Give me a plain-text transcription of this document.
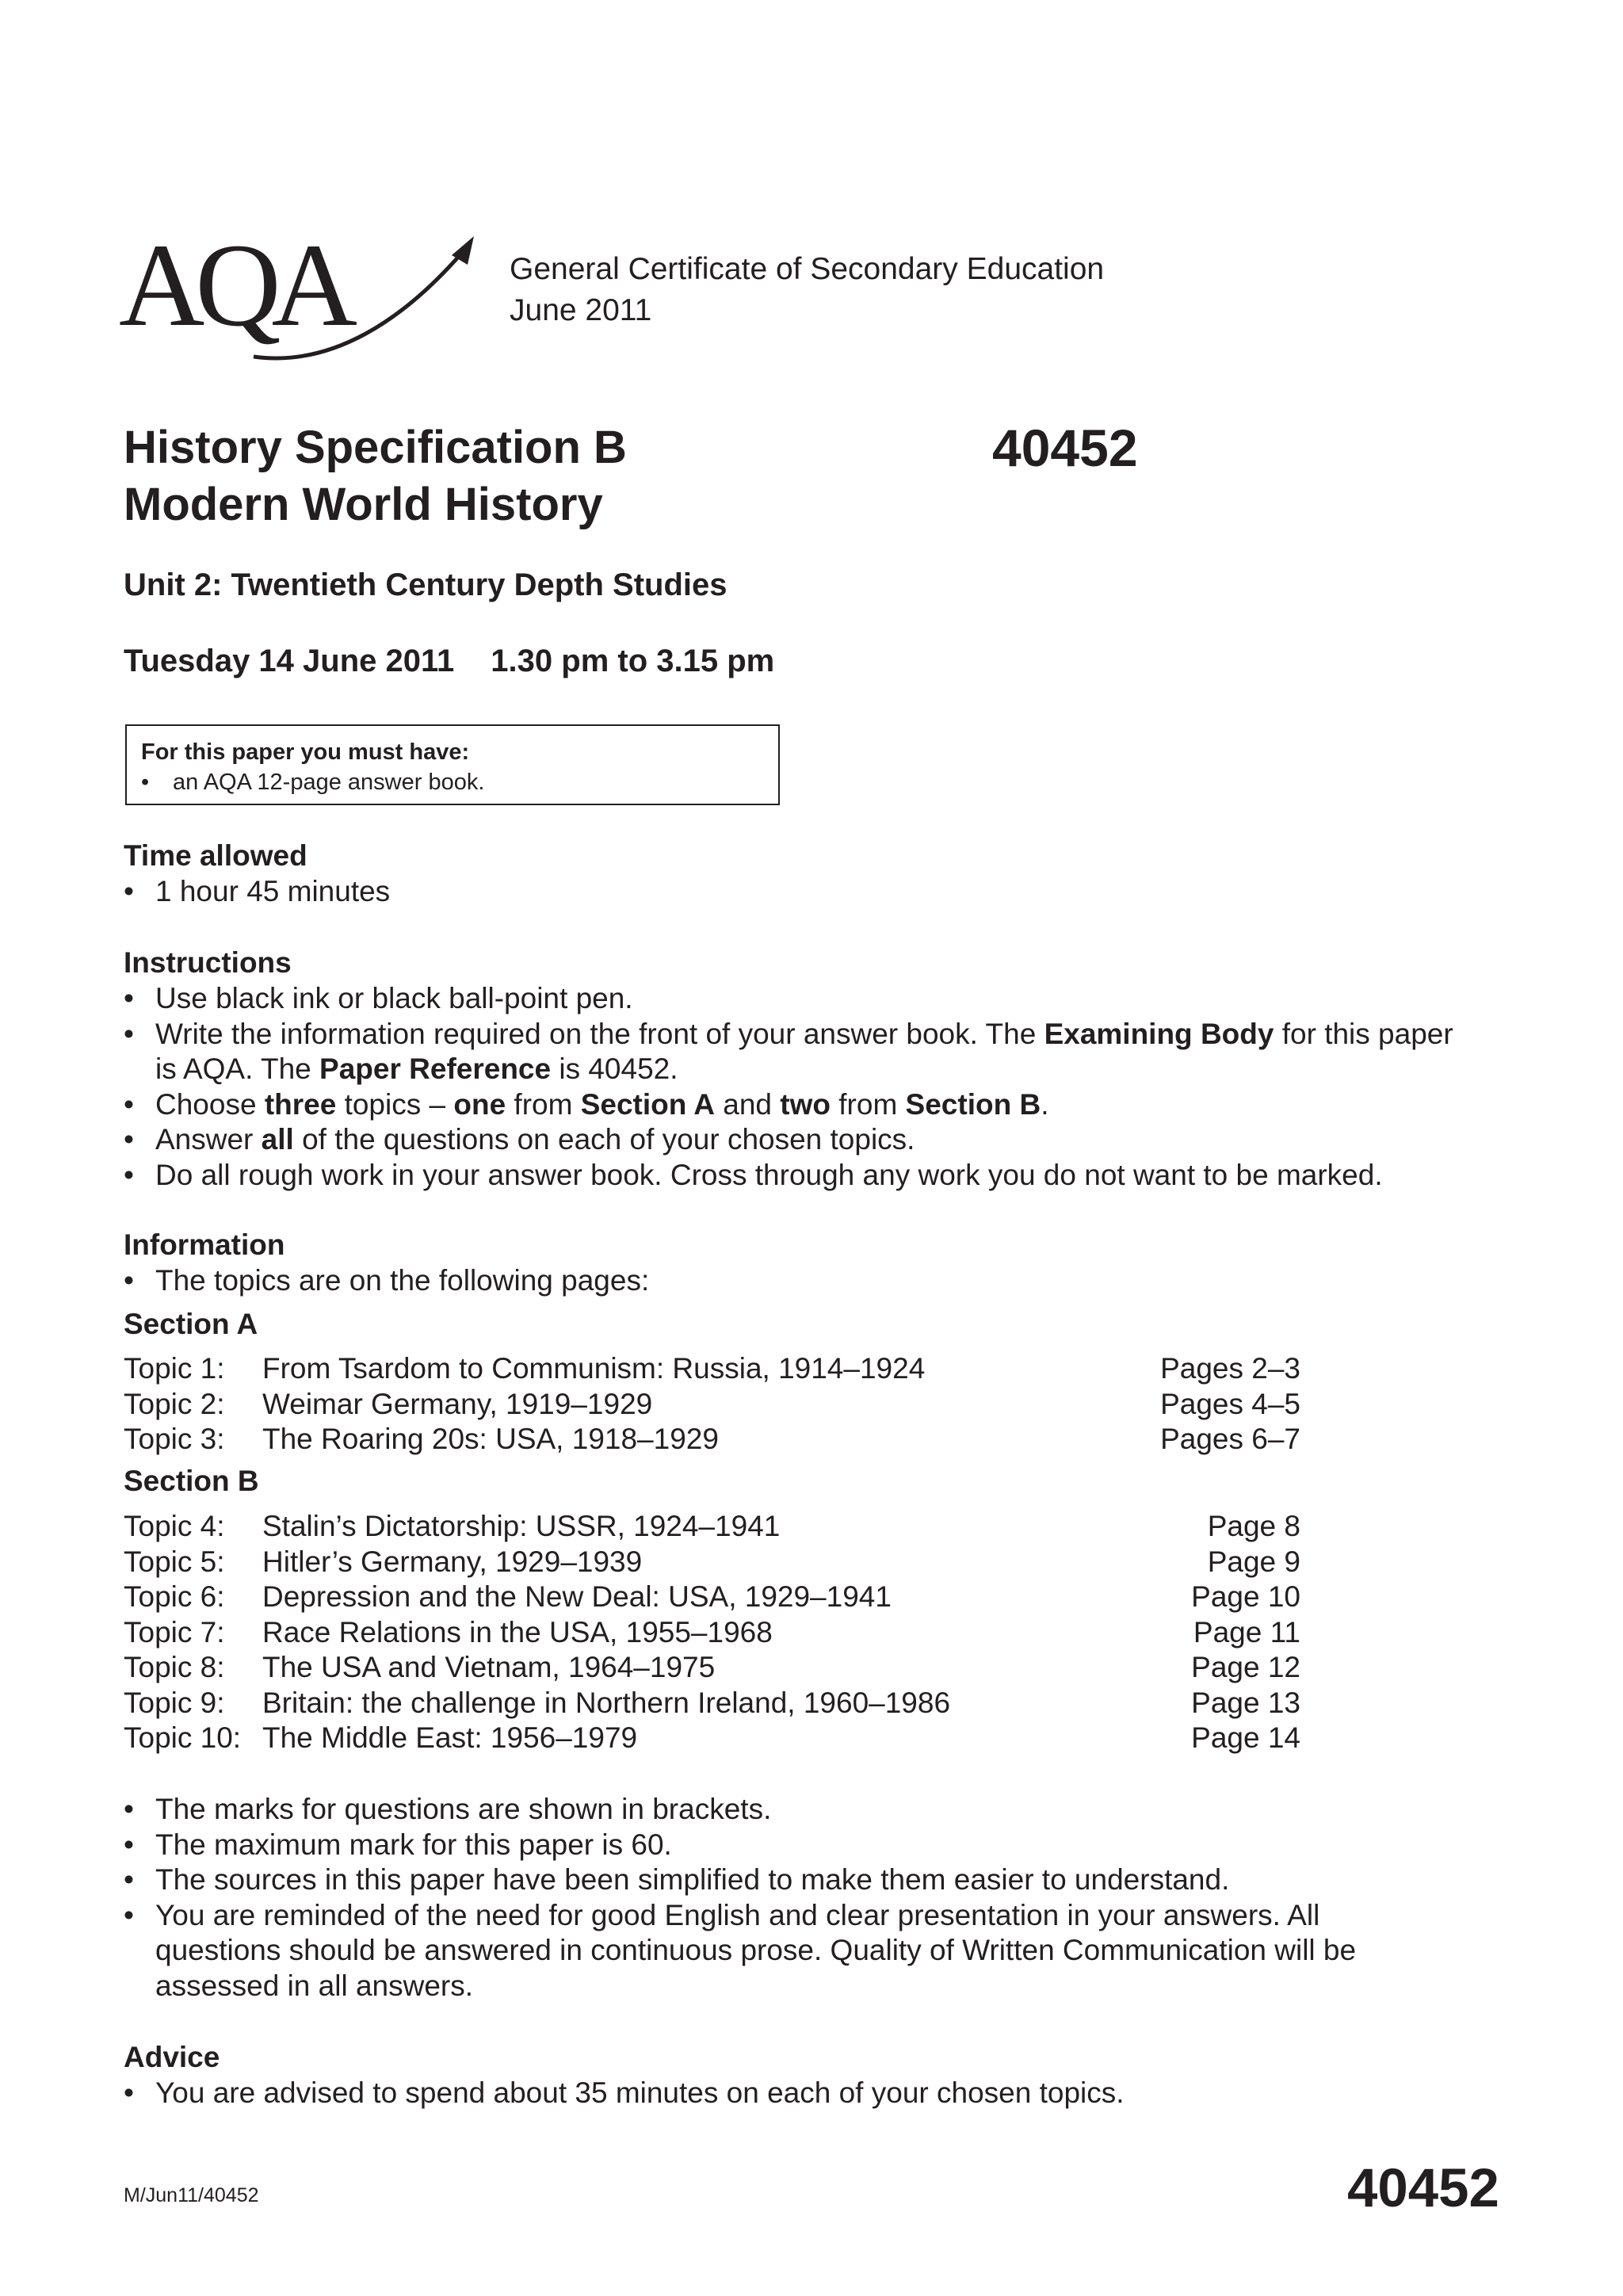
AQA	General Certificate of Secondary Education
June 2011
History Specification B
Modern World History
40452
Unit 2: Twentieth Century Depth Studies
Tuesday 14 June 2011 1.30 pm to 3.15 pm
For this paper you must have:
• an AQA 12-page answer book.
Time allowed
• 1 hour 45 minutes
Instructions
• Use black ink or black ball-point pen.
• Write the information required on the front of your answer book. The Examining Body for this paper is AQA. The Paper Reference is 40452.
• Choose three topics – one from Section A and two from Section B.
• Answer all of the questions on each of your chosen topics.
• Do all rough work in your answer book. Cross through any work you do not want to be marked.
Information
• The topics are on the following pages:
Section A
Topic 1: From Tsardom to Communism: Russia, 1914–1924	Pages 2–3
Topic 2: Weimar Germany, 1919–1929	Pages 4–5
Topic 3: The Roaring 20s: USA, 1918–1929	Pages 6–7
Section B
Topic 4: Stalin’s Dictatorship: USSR, 1924–1941	Page 8
Topic 5: Hitler’s Germany, 1929–1939	Page 9
Topic 6: Depression and the New Deal: USA, 1929–1941	Page 10
Topic 7: Race Relations in the USA, 1955–1968	Page 11
Topic 8: The USA and Vietnam, 1964–1975	Page 12
Topic 9: Britain: the challenge in Northern Ireland, 1960–1986	Page 13
Topic 10: The Middle East: 1956–1979	Page 14
• The marks for questions are shown in brackets.
• The maximum mark for this paper is 60.
• The sources in this paper have been simplified to make them easier to understand.
• You are reminded of the need for good English and clear presentation in your answers. All questions should be answered in continuous prose. Quality of Written Communication will be assessed in all answers.
Advice
• You are advised to spend about 35 minutes on each of your chosen topics.
M/Jun11/40452	40452
